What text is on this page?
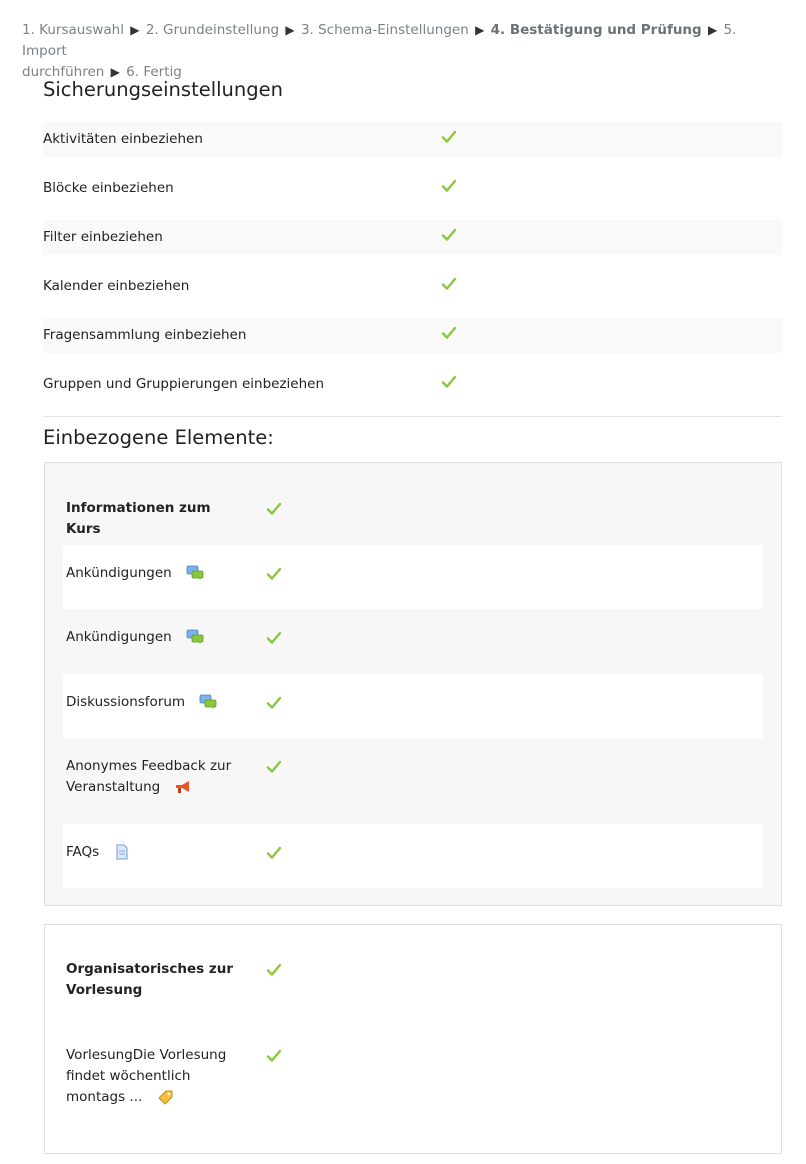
1. Kursauswahl ▶ 2. Grundeinstellung ▶ 3. Schema-Einstellungen ▶ 4. Bestätigung und Prüfung ▶ 5. Import
durchführen ▶ 6. Fertig
Sicherungseinstellungen
Aktivitäten einbeziehen
Blöcke einbeziehen
Filter einbeziehen
Kalender einbeziehen
Fragensammlung einbeziehen
Gruppen und Gruppierungen einbeziehen
Einbezogene Elemente:
Informationen zum Kurs
Ankündigungen
Ankündigungen
Diskussionsforum
Anonymes Feedback zur
Veranstaltung
FAQs
Organisatorisches zur
Vorlesung
VorlesungDie Vorlesung
findet wöchentlich
montags ...
